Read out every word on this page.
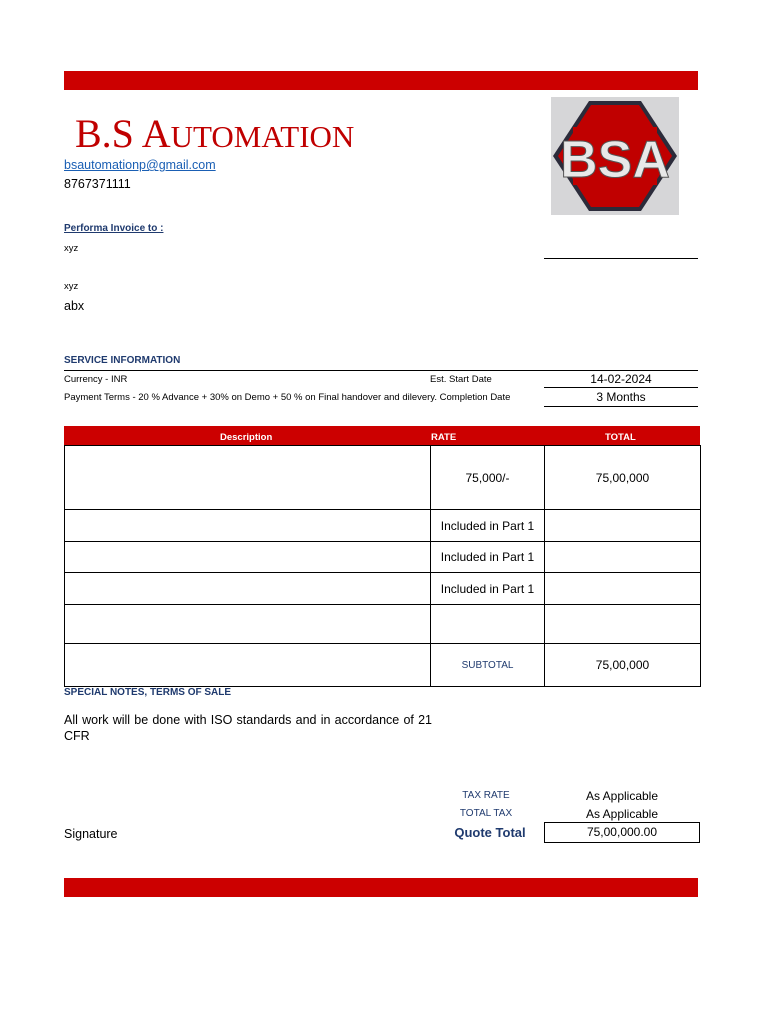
B.S AUTOMATION
bsautomationp@gmail.com
8767371111	BSA
Performa Invoice to :
xyz
xyz
abx
SERVICE INFORMATION
Currency - INR	Est. Start Date	14-02-2024
Payment Terms - 20 % Advance + 30% on Demo + 50 % on Final handover and dilevery. Completion Date	3 Months
Description	RATE	TOTAL
	75,000/-	75,00,000
	Included in Part 1	
	Included in Part 1	
	Included in Part 1	

	SUBTOTAL	75,00,000
SPECIAL NOTES, TERMS OF SALE
All work will be done with ISO standards and in accordance of 21 CFR
TAX RATE	As Applicable
TOTAL TAX	As Applicable
Signature	Quote Total	75,00,000.00
